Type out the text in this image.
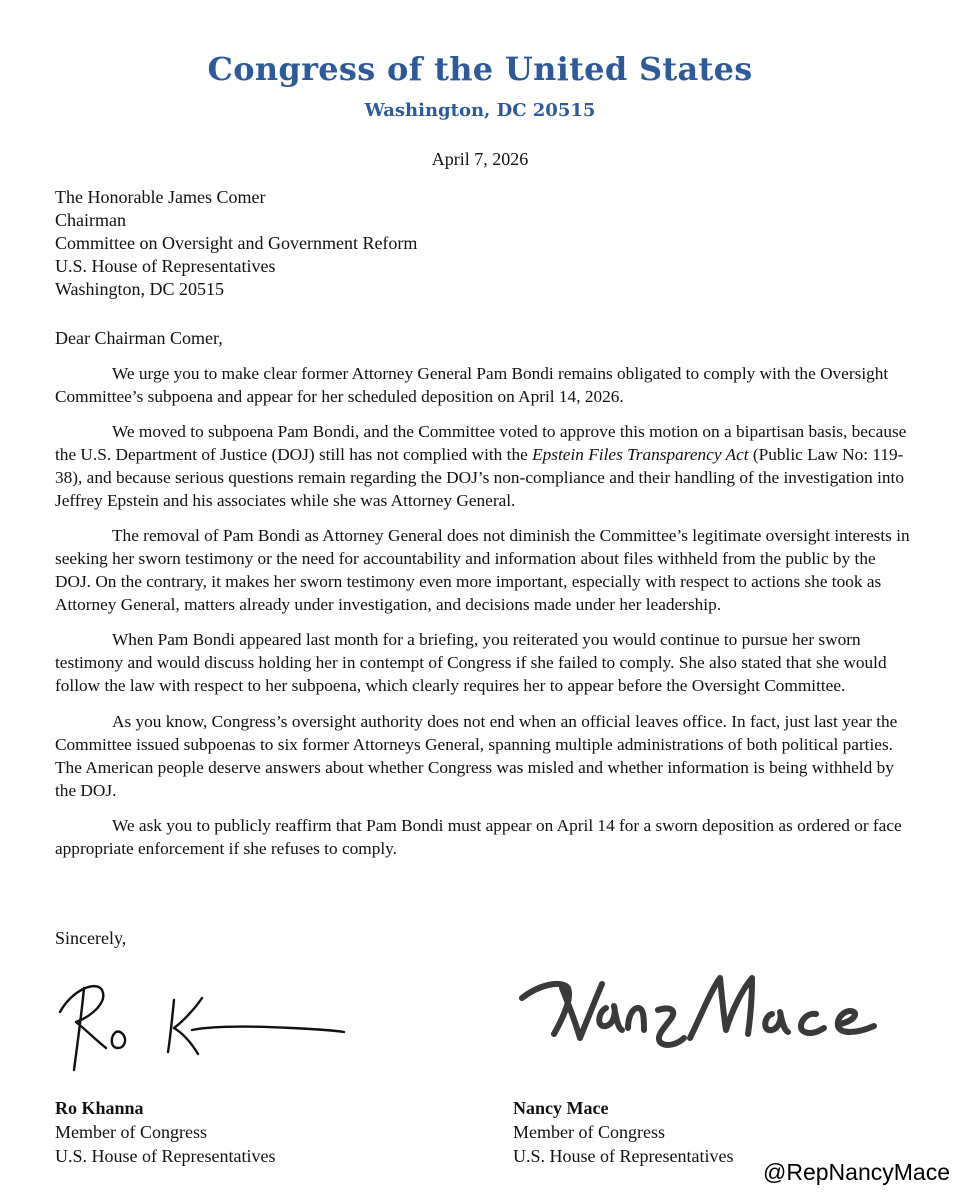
Congress of the United States
Washington, DC 20515
April 7, 2026
The Honorable James Comer
Chairman
Committee on Oversight and Government Reform
U.S. House of Representatives
Washington, DC 20515
Dear Chairman Comer,

We urge you to make clear former Attorney General Pam Bondi remains obligated to comply with the Oversight Committee’s subpoena and appear for her scheduled deposition on April 14, 2026.

We moved to subpoena Pam Bondi, and the Committee voted to approve this motion on a bipartisan basis, because the U.S. Department of Justice (DOJ) still has not complied with the Epstein Files Transparency Act (Public Law No: 119-38), and because serious questions remain regarding the DOJ’s non-compliance and their handling of the investigation into Jeffrey Epstein and his associates while she was Attorney General.

The removal of Pam Bondi as Attorney General does not diminish the Committee’s legitimate oversight interests in seeking her sworn testimony or the need for accountability and information about files withheld from the public by the DOJ. On the contrary, it makes her sworn testimony even more important, especially with respect to actions she took as Attorney General, matters already under investigation, and decisions made under her leadership.

When Pam Bondi appeared last month for a briefing, you reiterated you would continue to pursue her sworn testimony and would discuss holding her in contempt of Congress if she failed to comply. She also stated that she would follow the law with respect to her subpoena, which clearly requires her to appear before the Oversight Committee.

As you know, Congress’s oversight authority does not end when an official leaves office. In fact, just last year the Committee issued subpoenas to six former Attorneys General, spanning multiple administrations of both political parties. The American people deserve answers about whether Congress was misled and whether information is being withheld by the DOJ.

We ask you to publicly reaffirm that Pam Bondi must appear on April 14 for a sworn deposition as ordered or face appropriate enforcement if she refuses to comply.

Sincerely,
Ro Khanna
Member of Congress
U.S. House of Representatives
Nancy Mace
Member of Congress
U.S. House of Representatives
@RepNancyMace
